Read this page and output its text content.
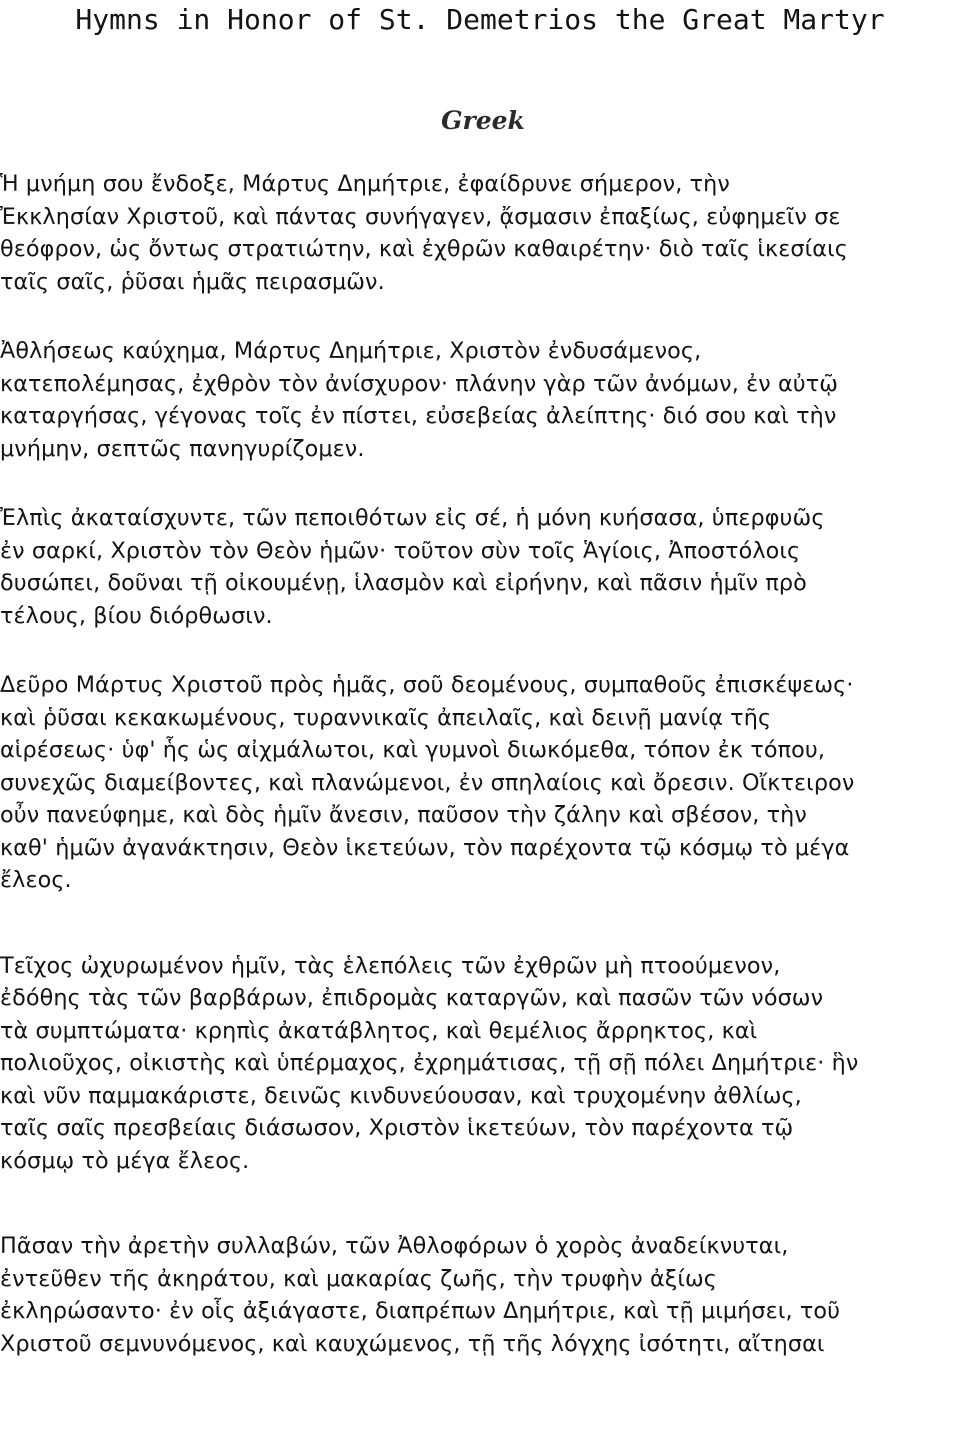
Hymns in Honor of St. Demetrios the Great Martyr
Greek

Ἡ μνήμη σου ἔνδοξε, Μάρτυς Δημήτριε, ἐφαίδρυνε σήμερον, τὴν
Ἐκκλησίαν Χριστοῦ, καὶ πάντας συνήγαγεν, ᾄσμασιν ἐπαξίως, εὐφημεῖν σε
θεόφρον, ὡς ὄντως στρατιώτην, καὶ ἐχθρῶν καθαιρέτην· διὸ ταῖς ἱκεσίαις
ταῖς σαῖς, ῥῦσαι ἡμᾶς πειρασμῶν.

Ἀθλήσεως καύχημα, Μάρτυς Δημήτριε, Χριστὸν ἐνδυσάμενος,
κατεπολέμησας, ἐχθρὸν τὸν ἀνίσχυρον· πλάνην γὰρ τῶν ἀνόμων, ἐν αὐτῷ
καταργήσας, γέγονας τοῖς ἐν πίστει, εὐσεβείας ἀλείπτης· διό σου καὶ τὴν
μνήμην, σεπτῶς πανηγυρίζομεν.

Ἐλπὶς ἀκαταίσχυντε, τῶν πεποιθότων εἰς σέ, ἡ μόνη κυήσασα, ὑπερφυῶς
ἐν σαρκί, Χριστὸν τὸν Θεὸν ἡμῶν· τοῦτον σὺν τοῖς Ἁγίοις, Ἀποστόλοις
δυσώπει, δοῦναι τῇ οἰκουμένῃ, ἱλασμὸν καὶ εἰρήνην, καὶ πᾶσιν ἡμῖν πρὸ
τέλους, βίου διόρθωσιν.

Δεῦρο Μάρτυς Χριστοῦ πρὸς ἡμᾶς, σοῦ δεομένους, συμπαθοῦς ἐπισκέψεως·
καὶ ῥῦσαι κεκακωμένους, τυραννικαῖς ἀπειλαῖς, καὶ δεινῇ μανίᾳ τῆς
αἱρέσεως· ὑφ' ἧς ὡς αἰχμάλωτοι, καὶ γυμνοὶ διωκόμεθα, τόπον ἐκ τόπου,
συνεχῶς διαμείβοντες, καὶ πλανώμενοι, ἐν σπηλαίοις καὶ ὄρεσιν. Οἴκτειρον
οὖν πανεύφημε, καὶ δὸς ἡμῖν ἄνεσιν, παῦσον τὴν ζάλην καὶ σβέσον, τὴν
καθ' ἡμῶν ἀγανάκτησιν, Θεὸν ἱκετεύων, τὸν παρέχοντα τῷ κόσμῳ τὸ μέγα
ἔλεος.

Τεῖχος ὠχυρωμένον ἡμῖν, τὰς ἑλεπόλεις τῶν ἐχθρῶν μὴ πτοούμενον,
ἐδόθης τὰς τῶν βαρβάρων, ἐπιδρομὰς καταργῶν, καὶ πασῶν τῶν νόσων
τὰ συμπτώματα· κρηπὶς ἀκατάβλητος, καὶ θεμέλιος ἄρρηκτος, καὶ
πολιοῦχος, οἰκιστὴς καὶ ὑπέρμαχος, ἐχρημάτισας, τῇ σῇ πόλει Δημήτριε· ἣν
καὶ νῦν παμμακάριστε, δεινῶς κινδυνεύουσαν, καὶ τρυχομένην ἀθλίως,
ταῖς σαῖς πρεσβείαις διάσωσον, Χριστὸν ἱκετεύων, τὸν παρέχοντα τῷ
κόσμῳ τὸ μέγα ἔλεος.

Πᾶσαν τὴν ἀρετὴν συλλαβών, τῶν Ἀθλοφόρων ὁ χορὸς ἀναδείκνυται,
ἐντεῦθεν τῆς ἀκηράτου, καὶ μακαρίας ζωῆς, τὴν τρυφὴν ἀξίως
ἐκληρώσαντο· ἐν οἷς ἀξιάγαστε, διαπρέπων Δημήτριε, καὶ τῇ μιμήσει, τοῦ
Χριστοῦ σεμνυνόμενος, καὶ καυχώμενος, τῇ τῆς λόγχης ἰσότητι, αἴτησαι
